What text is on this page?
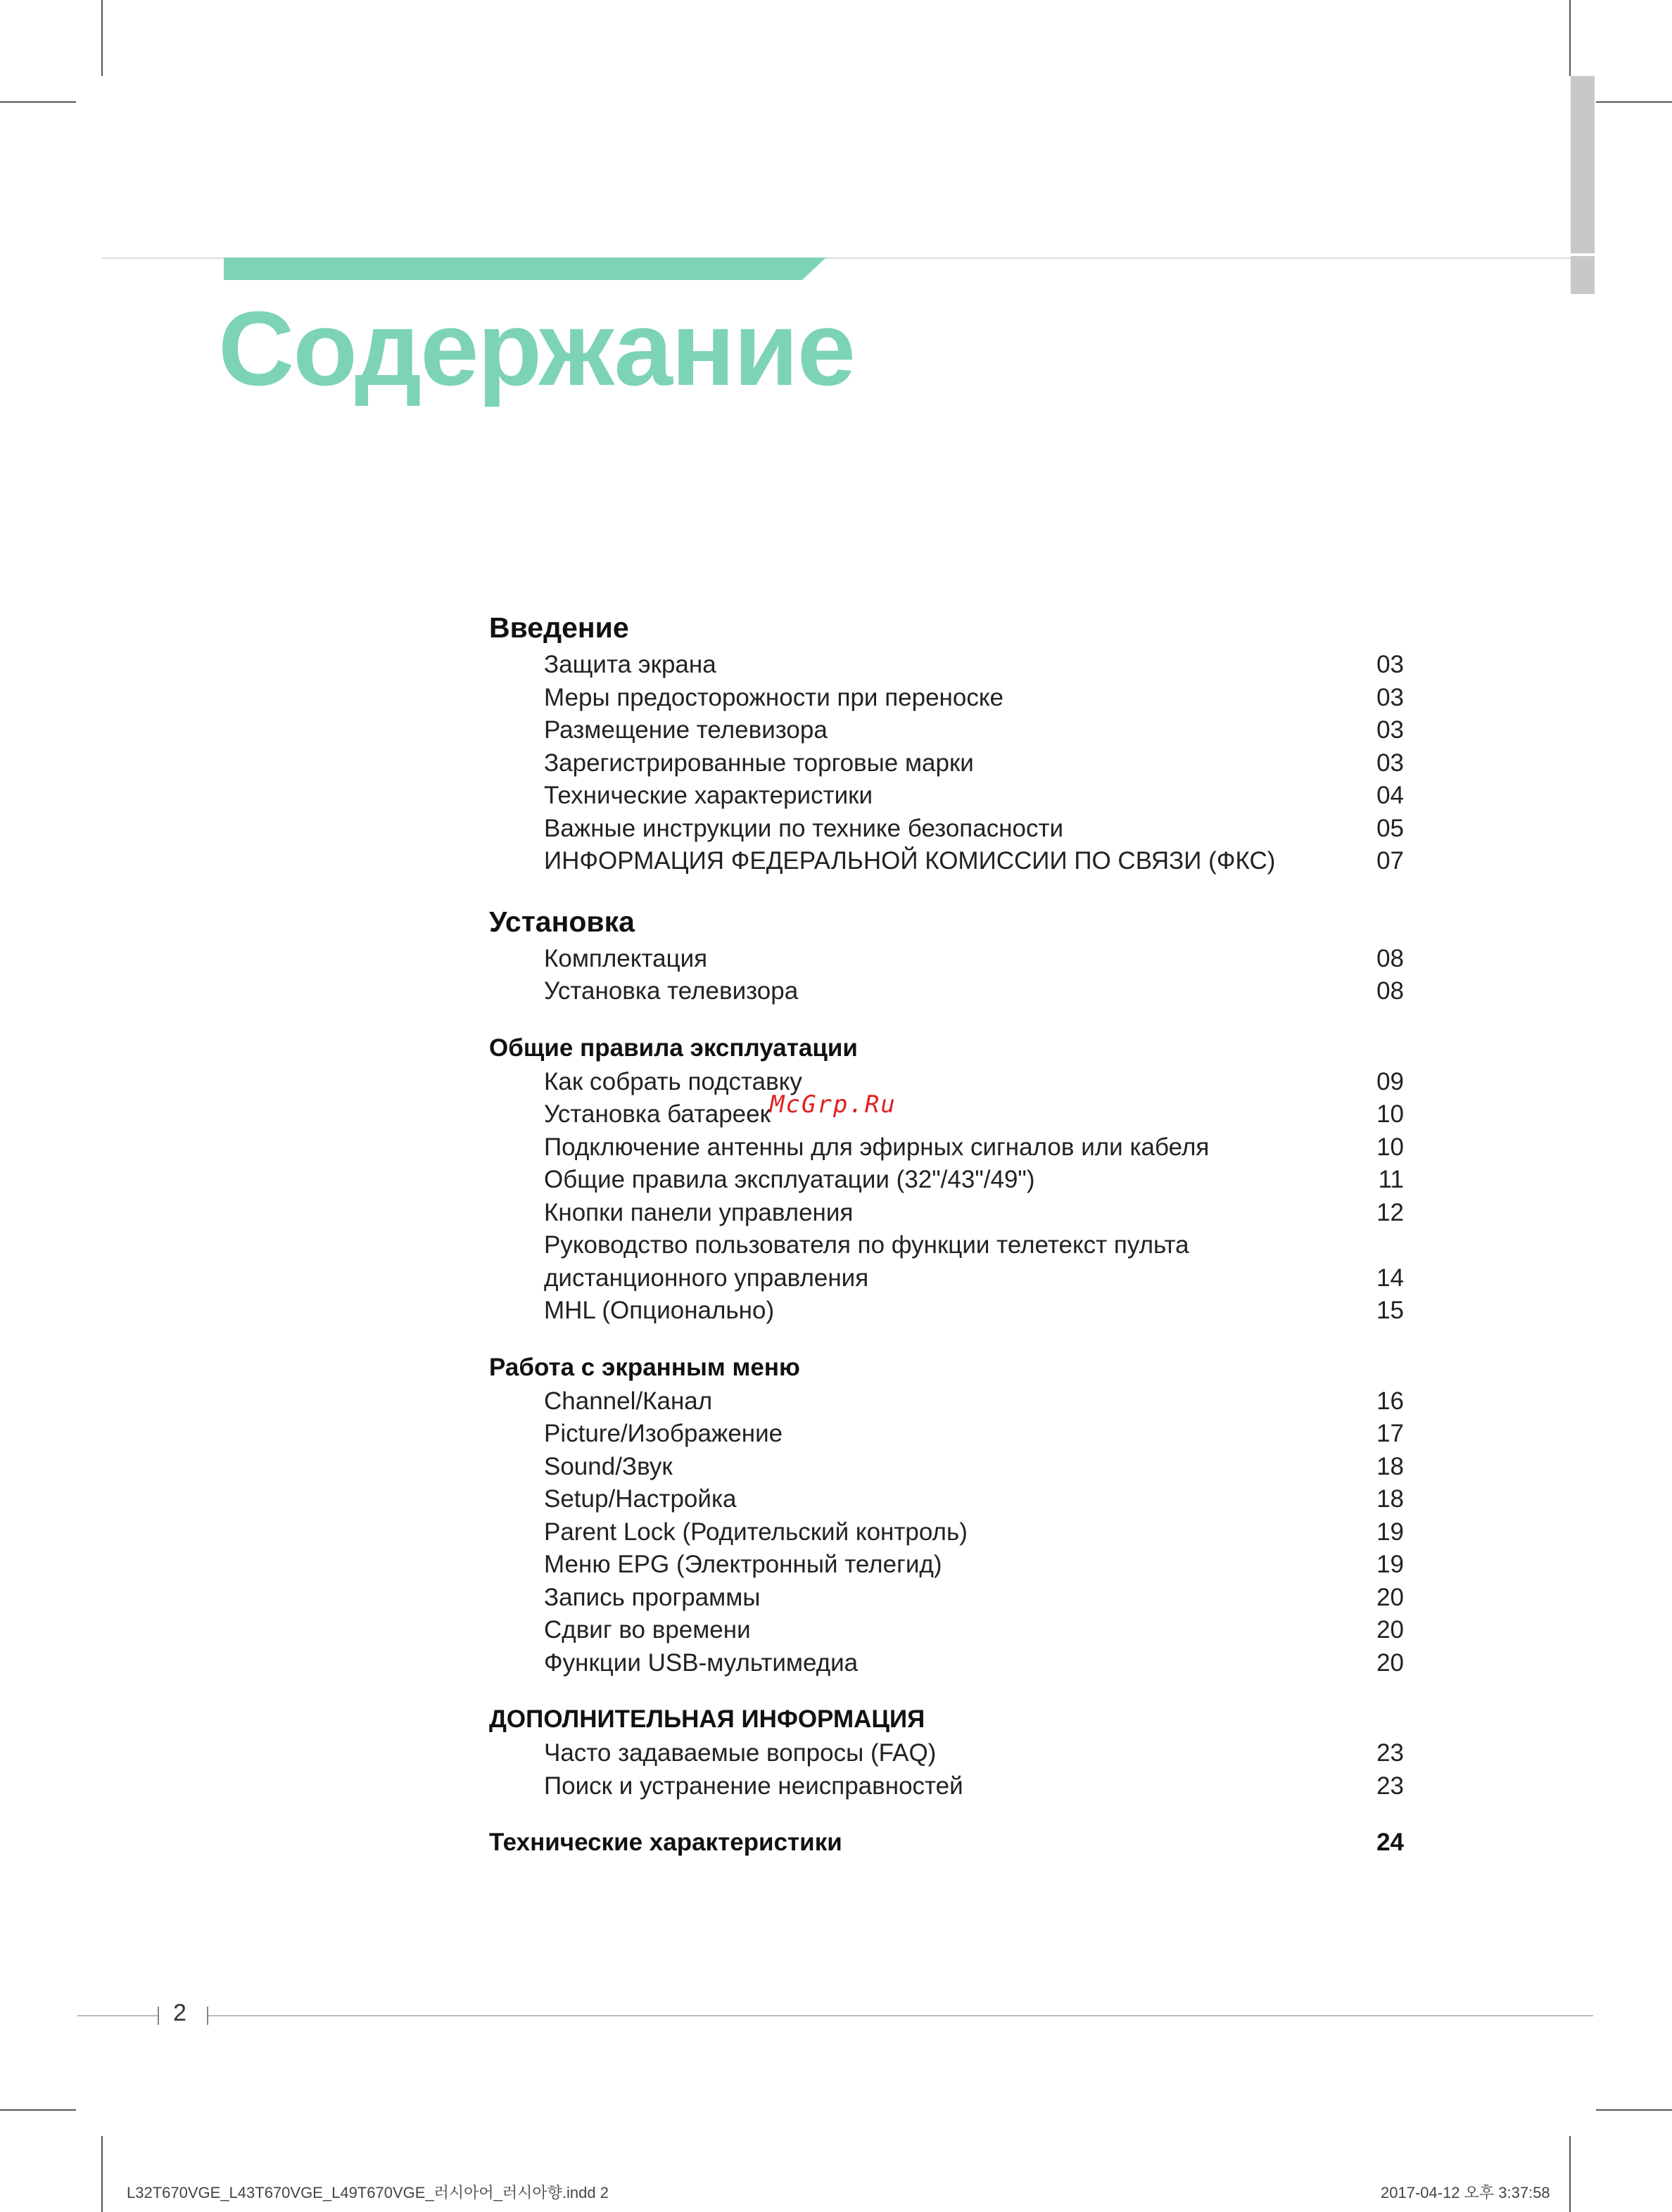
Содержание
Введение
Защита экрана	03
Меры предосторожности при переноске	03
Размещение телевизора	03
Зарегистрированные торговые марки	03
Технические характеристики	04
Важные инструкции по технике безопасности	05
ИНФОРМАЦИЯ ФЕДЕРАЛЬНОЙ КОМИССИИ ПО СВЯЗИ (ФКС)	07
Установка
Комплектация	08
Установка телевизора	08
Общие правила эксплуатации
Как собрать подставку	09
Установка батареек	10
Подключение антенны для эфирных сигналов или кабеля	10
Общие правила эксплуатации (32"/43"/49")	11
Кнопки панели управления	12
Руководство пользователя по функции телетекст пульта
дистанционного управления	14
MHL (Опционально)	15
Работа с экранным меню
Channel/Канал	16
Picture/Изображение	17
Sound/Звук	18
Setup/Настройка	18
Parent Lock (Родительский контроль)	19
Меню EPG (Электронный телегид)	19
Запись программы	20
Сдвиг во времени	20
Функции USB-мультимедиа	20
ДОПОЛНИТЕЛЬНАЯ ИНФОРМАЦИЯ
Часто задаваемые вопросы (FAQ)	23
Поиск и устранение неисправностей	23
Технические характеристики	24
McGrp.Ru
2
L32T670VGE_L43T670VGE_L49T670VGE_러시아어_러시아향.indd 2	2017-04-12 오후 3:37:58
